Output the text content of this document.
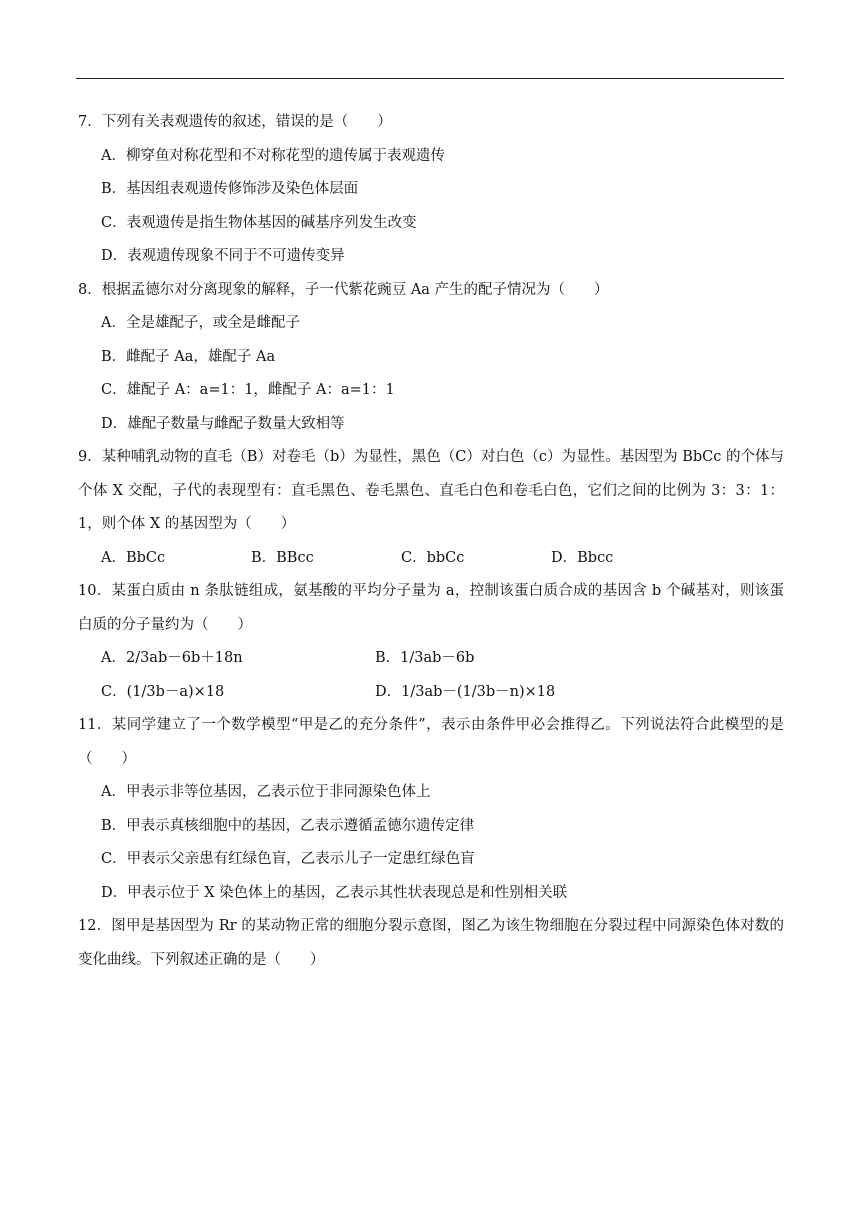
7．下列有关表观遗传的叙述，错误的是（　　）

A．柳穿鱼对称花型和不对称花型的遗传属于表观遗传
B．基因组表观遗传修饰涉及染色体层面
C．表观遗传是指生物体基因的碱基序列发生改变
D．表观遗传现象不同于不可遗传变异

8．根据孟德尔对分离现象的解释，子一代紫花豌豆 Aa 产生的配子情况为（　　）

A．全是雄配子，或全是雌配子
B．雌配子 Aa，雄配子 Aa
C．雄配子 A：a=1：1，雌配子 A：a=1：1
D．雄配子数量与雌配子数量大致相等

9．某种哺乳动物的直毛（B）对卷毛（b）为显性，黑色（C）对白色（c）为显性。基因型为 BbCc 的个体与个体 X 交配，子代的表现型有：直毛黑色、卷毛黑色、直毛白色和卷毛白色，它们之间的比例为 3：3：1：1，则个体 X 的基因型为（　　）

A．BbCc	B．BBcc	C．bbCc	D．Bbcc

10．某蛋白质由 n 条肽链组成，氨基酸的平均分子量为 a，控制该蛋白质合成的基因含 b 个碱基对，则该蛋白质的分子量约为（　　）

A．2/3ab－6b＋18n	B．1/3ab－6b
C．(1/3b－a)×18	D．1/3ab－(1/3b－n)×18

11．某同学建立了一个数学模型“甲是乙的充分条件”，表示由条件甲必会推得乙。下列说法符合此模型的是（　　）

A．甲表示非等位基因，乙表示位于非同源染色体上
B．甲表示真核细胞中的基因，乙表示遵循孟德尔遗传定律
C．甲表示父亲患有红绿色盲，乙表示儿子一定患红绿色盲
D．甲表示位于 X 染色体上的基因，乙表示其性状表现总是和性别相关联

12．图甲是基因型为 Rr 的某动物正常的细胞分裂示意图，图乙为该生物细胞在分裂过程中同源染色体对数的变化曲线。下列叙述正确的是（　　）
